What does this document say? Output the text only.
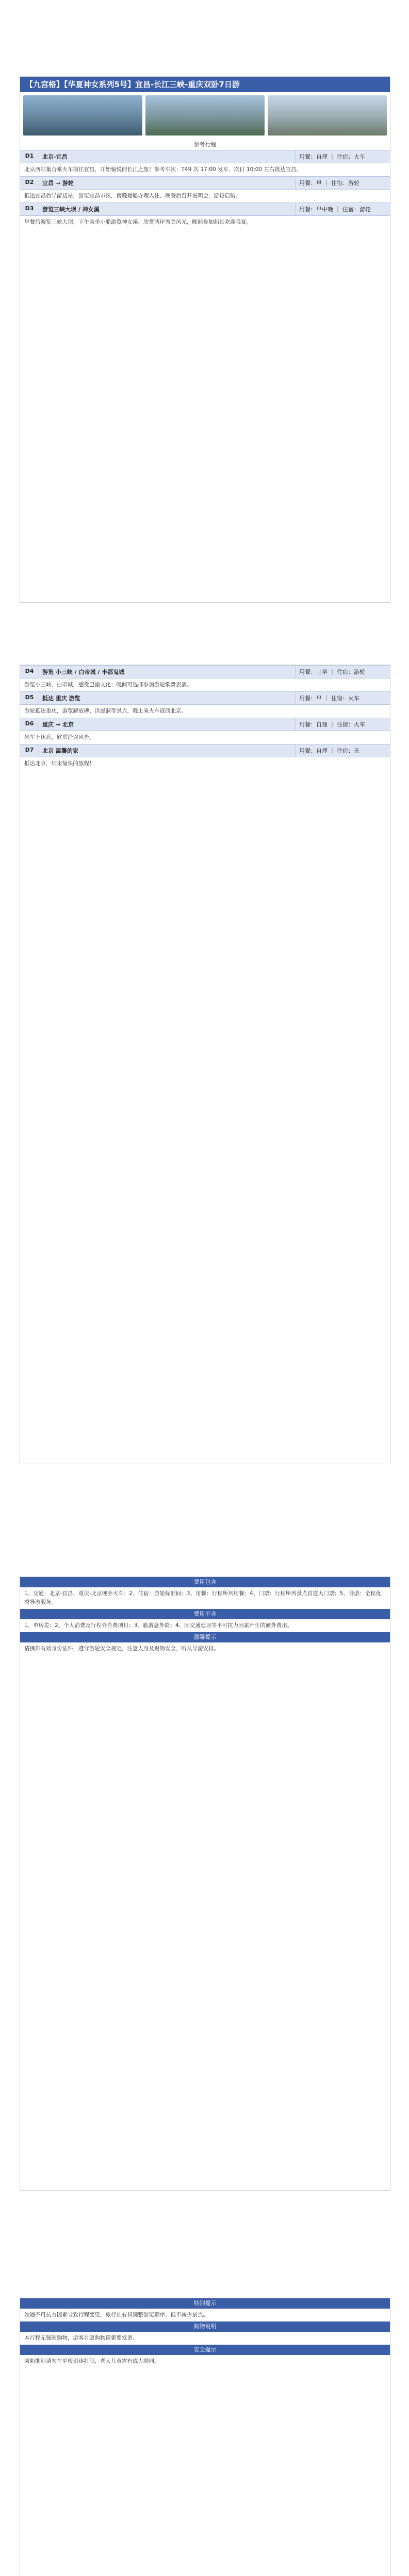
【九宫格】【华夏神女系列5号】宜昌-长江三峡-重庆双卧7日游
参考行程
D1	北京-宜昌	用餐：自理 ｜ 住宿：火车
北京西站集合乘火车前往宜昌，开始愉悦的长江之旅！参考车次：T49 次 17:00 发车，次日 10:00 左右抵达宜昌。
D2	宜昌 → 游轮	用餐：早 ｜ 住宿：游轮
抵达宜昌后导游接站，游览宜昌市区，傍晚登船办理入住，晚餐后召开说明会，游轮启航。
D3	游览三峡大坝 / 神女溪	用餐：早中晚 ｜ 住宿：游轮
早餐后游览三峡大坝，下午乘坐小船游览神女溪，欣赏两岸秀美风光，晚间参加船长欢迎晚宴。
D4	游览 小三峡 / 白帝城 / 丰都鬼城	用餐：三早 ｜ 住宿：游轮
游览小三峡、白帝城，感受巴渝文化；晚间可选择参加游轮歌舞表演。
D5	抵达 重庆 游览	用餐：早 ｜ 住宿：火车
游轮抵达重庆，游览解放碑、洪崖洞等景点，晚上乘火车返回北京。
D6	重庆 → 北京	用餐：自理 ｜ 住宿：火车
列车上休息，欣赏沿途风光。
D7	北京 温馨的家	用餐：自理 ｜ 住宿：无
抵达北京，结束愉快的旅程！
费用包含
1、交通：北京-宜昌、重庆-北京硬卧火车；2、住宿：游轮标准间；3、用餐：行程所列用餐；4、门票：行程所列景点首道大门票；5、导游：全程优秀导游服务。
费用不含
1、单房差；2、个人消费及行程外自费项目；3、旅游意外险；4、因交通延误等不可抗力因素产生的额外费用。
温馨提示
请携带有效身份证件，遵守游轮安全规定，注意人身及财物安全，听从导游安排。
特别提示
如遇不可抗力因素导致行程变更，旅行社有权调整游览顺序，但不减少景点。
购物说明
本行程无强制购物，游客自愿购物请索要发票。
安全提示
乘船期间请勿在甲板追逐打闹，老人儿童需有成人陪同。
